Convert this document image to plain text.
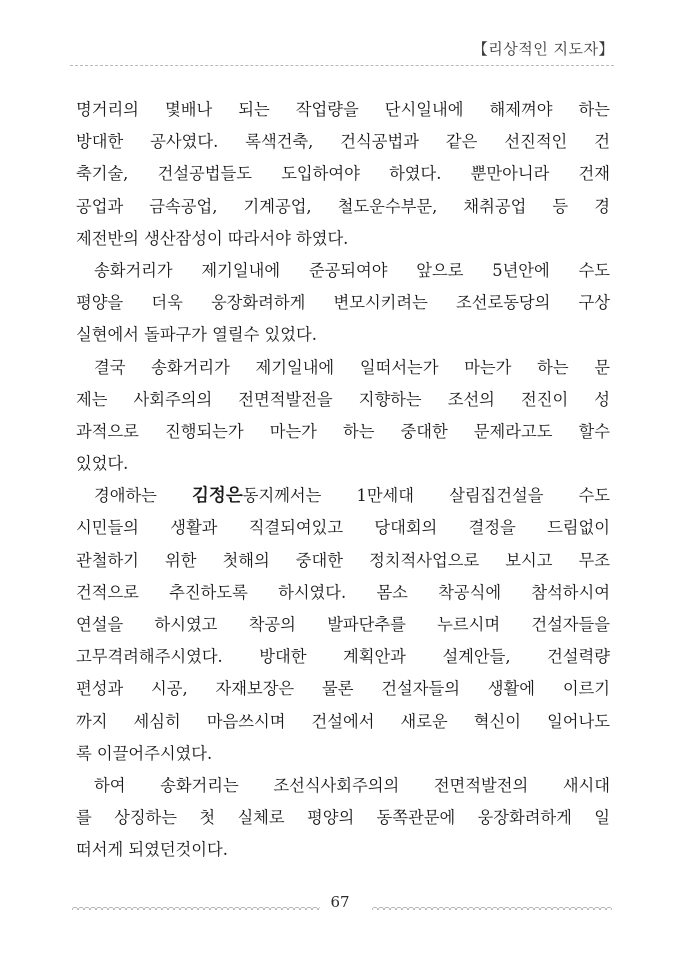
【리상적인 지도자】
명거리의 몇배나 되는 작업량을 단시일내에 해제껴야 하는
방대한 공사였다. 록색건축, 건식공법과 같은 선진적인 건
축기술, 건설공법들도 도입하여야 하였다. 뿐만아니라 건재
공업과 금속공업, 기계공업, 철도운수부문, 채취공업 등 경
제전반의 생산잠성이 따라서야 하였다.
송화거리가 제기일내에 준공되여야 앞으로 5년안에 수도
평양을 더욱 웅장화려하게 변모시키려는 조선로동당의 구상
실현에서 돌파구가 열릴수 있었다.
결국 송화거리가 제기일내에 일떠서는가 마는가 하는 문
제는 사회주의의 전면적발전을 지향하는 조선의 전진이 성
과적으로 진행되는가 마는가 하는 중대한 문제라고도 할수
있었다.
경애하는 김정은동지께서는 1만세대 살림집건설을 수도
시민들의 생활과 직결되여있고 당대회의 결정을 드림없이
관철하기 위한 첫해의 중대한 정치적사업으로 보시고 무조
건적으로 추진하도록 하시였다. 몸소 착공식에 참석하시여
연설을 하시였고 착공의 발파단추를 누르시며 건설자들을
고무격려해주시였다. 방대한 계획안과 설계안들, 건설력량
편성과 시공, 자재보장은 물론 건설자들의 생활에 이르기
까지 세심히 마음쓰시며 건설에서 새로운 혁신이 일어나도
록 이끌어주시였다.
하여 송화거리는 조선식사회주의의 전면적발전의 새시대
를 상징하는 첫 실체로 평양의 동쪽관문에 웅장화려하게 일
떠서게 되였던것이다.
67
